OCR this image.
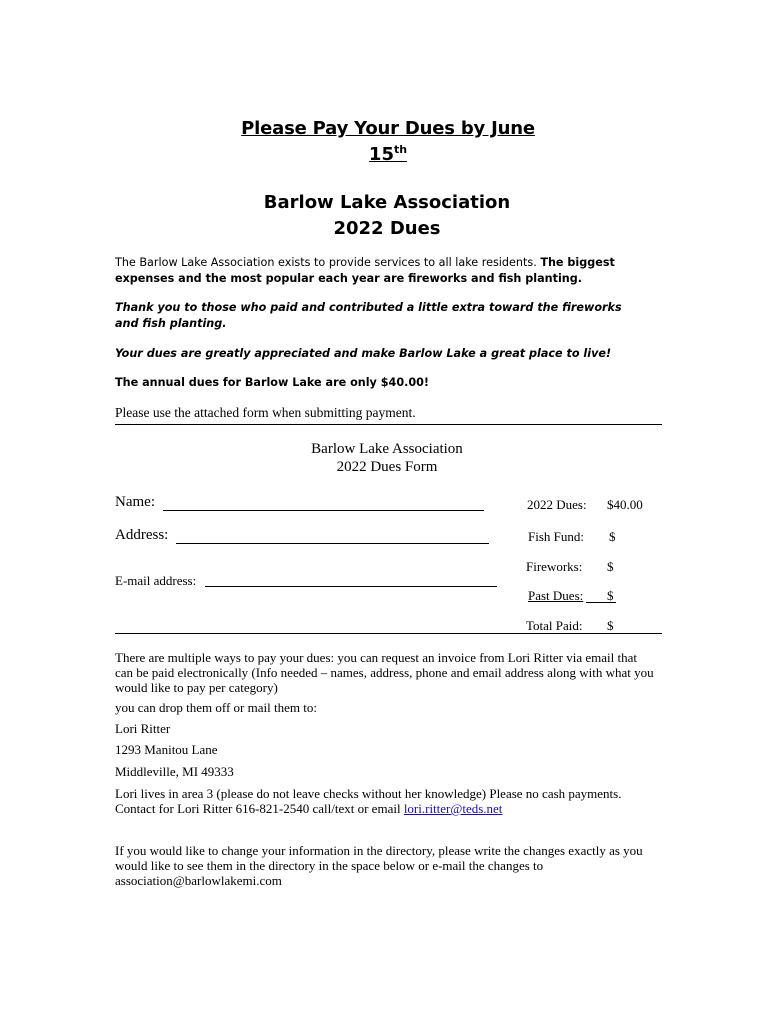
Please Pay Your Dues by June
15th
Barlow Lake Association
2022 Dues
The Barlow Lake Association exists to provide services to all lake residents. The biggest expenses and the most popular each year are fireworks and fish planting.
Thank you to those who paid and contributed a little extra toward the fireworks and fish planting.
Your dues are greatly appreciated and make Barlow Lake a great place to live!
The annual dues for Barlow Lake are only $40.00!
Please use the attached form when submitting payment.
Barlow Lake Association
2022 Dues Form
Name:
Address:
E-mail address:
2022 Dues: $40.00
Fish Fund: $
Fireworks: $
Past Dues: $
Total Paid: $
There are multiple ways to pay your dues: you can request an invoice from Lori Ritter via email that can be paid electronically (Info needed – names, address, phone and email address along with what you would like to pay per category)
you can drop them off or mail them to:
Lori Ritter
1293 Manitou Lane
Middleville, MI 49333
Lori lives in area 3 (please do not leave checks without her knowledge) Please no cash payments. Contact for Lori Ritter 616-821-2540 call/text or email lori.ritter@teds.net
If you would like to change your information in the directory, please write the changes exactly as you would like to see them in the directory in the space below or e-mail the changes to association@barlowlakemi.com
